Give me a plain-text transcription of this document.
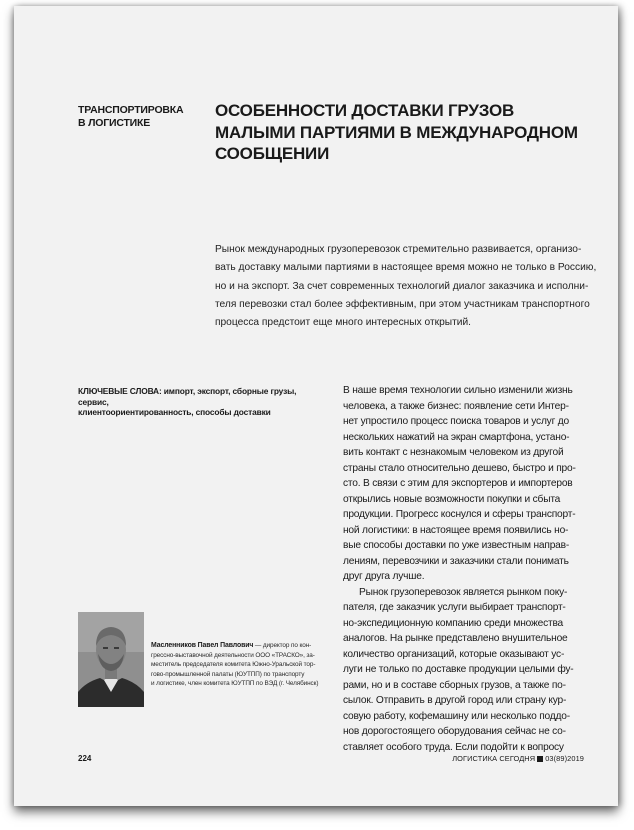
ТРАНСПОРТИРОВКА
В ЛОГИСТИКЕ
ОСОБЕННОСТИ ДОСТАВКИ ГРУЗОВ
МАЛЫМИ ПАРТИЯМИ В МЕЖДУНАРОДНОМ
СООБЩЕНИИ
Рынок международных грузоперевозок стремительно развивается, организо-
вать доставку малыми партиями в настоящее время можно не только в Россию,
но и на экспорт. За счет современных технологий диалог заказчика и исполни-
теля перевозки стал более эффективным, при этом участникам транспортного
процесса предстоит еще много интересных открытий.
КЛЮЧЕВЫЕ СЛОВА: импорт, экспорт, сборные грузы, сервис,
клиентоориентированность, способы доставки

В наше время технологии сильно изменили жизнь
человека, а также бизнес: появление сети Интер-
нет упростило процесс поиска товаров и услуг до
нескольких нажатий на экран смартфона, устано-
вить контакт с незнакомым человеком из другой
страны стало относительно дешево, быстро и про-
сто. В связи с этим для экспортеров и импортеров
открылись новые возможности покупки и сбыта
продукции. Прогресс коснулся и сферы транспорт-
ной логистики: в настоящее время появились но-
вые способы доставки по уже известным направ-
лениям, перевозчики и заказчики стали понимать
друг друга лучше.

Рынок грузоперевозок является рынком поку-
пателя, где заказчик услуги выбирает транспорт-
но-экспедиционную компанию среди множества
аналогов. На рынке представлено внушительное
количество организаций, которые оказывают ус-
луги не только по доставке продукции целыми фу-
рами, но и в составе сборных грузов, а также по-
сылок. Отправить в другой город или страну кур-
совую работу, кофемашину или несколько поддо-
нов дорогостоящего оборудования сейчас не со-
ставляет особого труда. Если подойти к вопросу

Масленников Павел Павлович — директор по кон-
грессно-выставочной деятельности ООО «ТРАСКО», за-
меститель председателя комитета Южно-Уральской тор-
гово-промышленной палаты (ЮУТПП) по транспорту
и логистике, член комитета ЮУТПП по ВЭД (г. Челябинск)
224	ЛОГИСТИКА СЕГОДНЯ 03(89)2019
